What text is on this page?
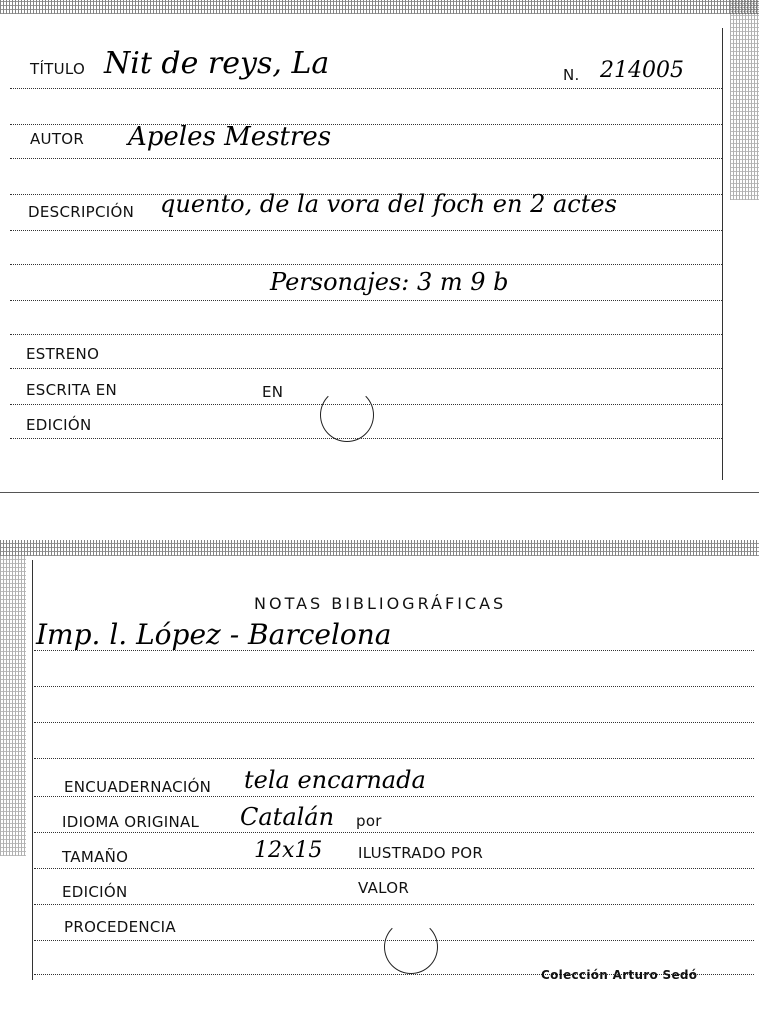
TÍTULO Nit de reys, La	N. 214005
AUTOR Apeles Mestres
DESCRIPCIÓN quento, de la vora del foch en 2 actes
Personajes: 3 m 9 b
ESTRENO
ESCRITA EN	EN
EDICIÓN
NOTAS BIBLIOGRÁFICAS
Imp. l. López - Barcelona
ENCUADERNACIÓN tela encarnada
IDIOMA ORIGINAL Catalán por
TAMAÑO	12x15 ILUSTRADO POR
EDICIÓN	VALOR
PROCEDENCIA
Colección Arturo Sedó
